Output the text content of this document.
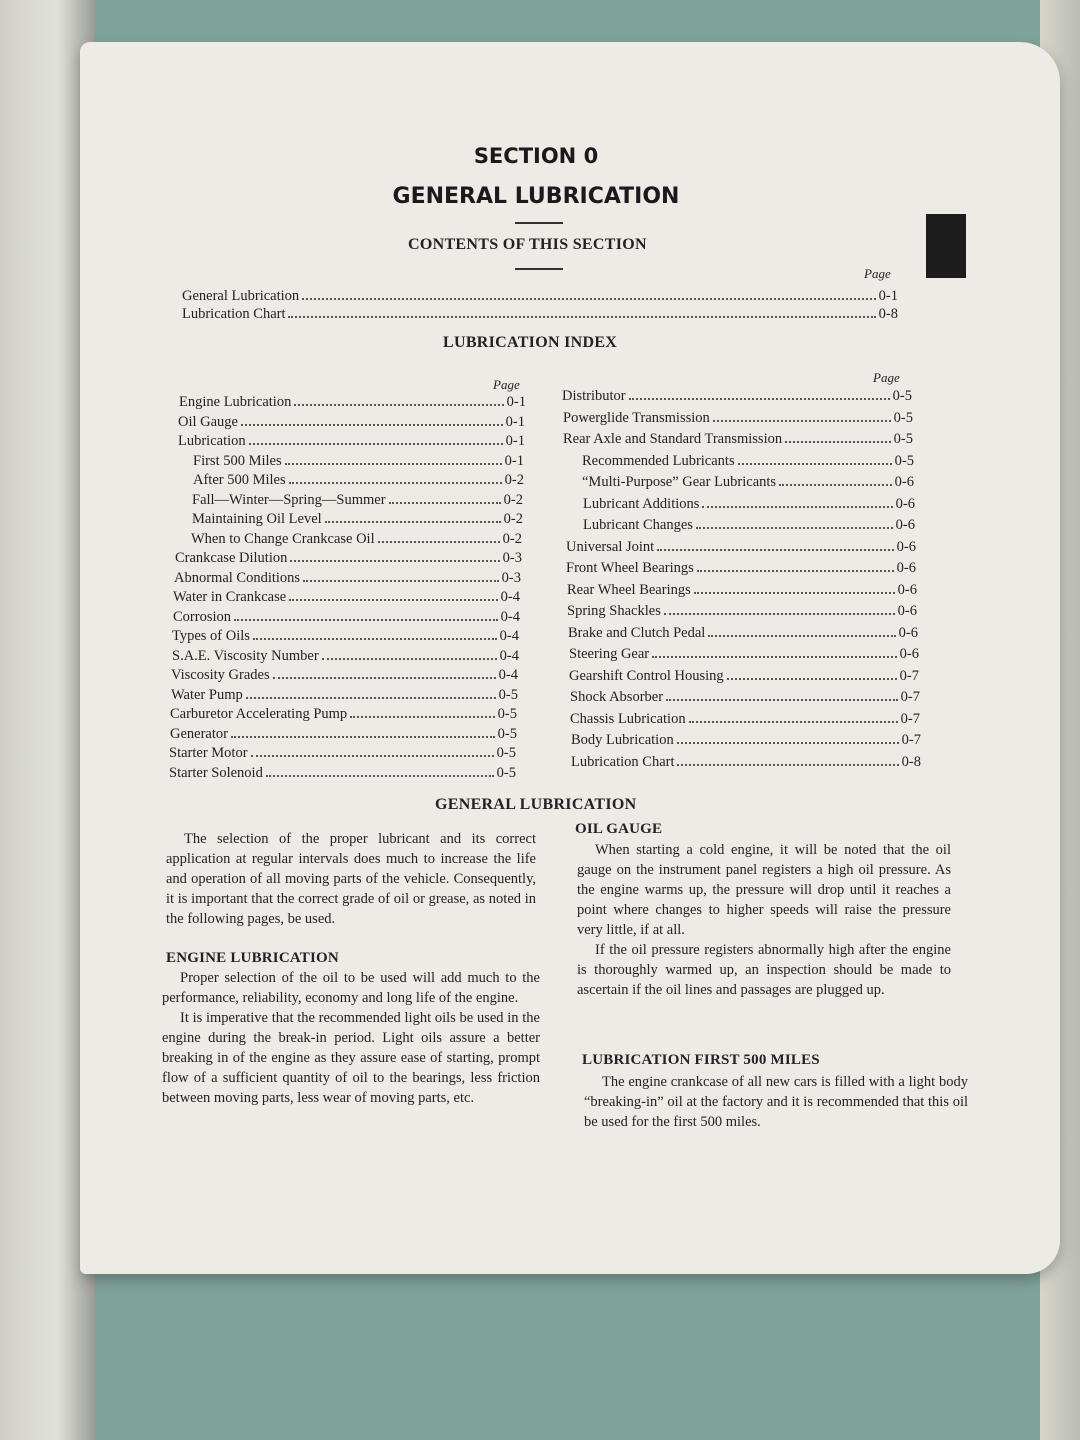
SECTION 0
GENERAL LUBRICATION
CONTENTS OF THIS SECTION
Page
General Lubrication	0-1
Lubrication Chart	0-8
LUBRICATION INDEX
Page	Page
Engine Lubrication	0-1
Oil Gauge	0-1
Lubrication	0-1
First 500 Miles	0-1
After 500 Miles	0-2
Fall—Winter—Spring—Summer	0-2
Maintaining Oil Level	0-2
When to Change Crankcase Oil	0-2
Crankcase Dilution	0-3
Abnormal Conditions	0-3
Water in Crankcase	0-4
Corrosion	0-4
Types of Oils	0-4
S.A.E. Viscosity Number	0-4
Viscosity Grades	0-4
Water Pump	0-5
Carburetor Accelerating Pump	0-5
Generator	0-5
Starter Motor	0-5
Starter Solenoid	0-5
Distributor	0-5
Powerglide Transmission	0-5
Rear Axle and Standard Transmission	0-5
Recommended Lubricants	0-5
“Multi-Purpose” Gear Lubricants	0-6
Lubricant Additions	0-6
Lubricant Changes	0-6
Universal Joint	0-6
Front Wheel Bearings	0-6
Rear Wheel Bearings	0-6
Spring Shackles	0-6
Brake and Clutch Pedal	0-6
Steering Gear	0-6
Gearshift Control Housing	0-7
Shock Absorber	0-7
Chassis Lubrication	0-7
Body Lubrication	0-7
Lubrication Chart	0-8
GENERAL LUBRICATION

The selection of the proper lubricant and its correct application at regular intervals does much to increase the life and operation of all moving parts of the vehicle. Consequently, it is important that the correct grade of oil or grease, as noted in the following pages, be used.

ENGINE LUBRICATION

Proper selection of the oil to be used will add much to the performance, reliability, economy and long life of the engine.

It is imperative that the recommended light oils be used in the engine during the break-in period. Light oils assure a better breaking in of the engine as they assure ease of starting, prompt flow of a sufficient quantity of oil to the bearings, less friction between moving parts, less wear of moving parts, etc.

OIL GAUGE

When starting a cold engine, it will be noted that the oil gauge on the instrument panel registers a high oil pressure. As the engine warms up, the pressure will drop until it reaches a point where changes to higher speeds will raise the pressure very little, if at all.

If the oil pressure registers abnormally high after the engine is thoroughly warmed up, an inspection should be made to ascertain if the oil lines and passages are plugged up.

LUBRICATION FIRST 500 MILES

The engine crankcase of all new cars is filled with a light body “breaking-in” oil at the factory and it is recommended that this oil be used for the first 500 miles.
